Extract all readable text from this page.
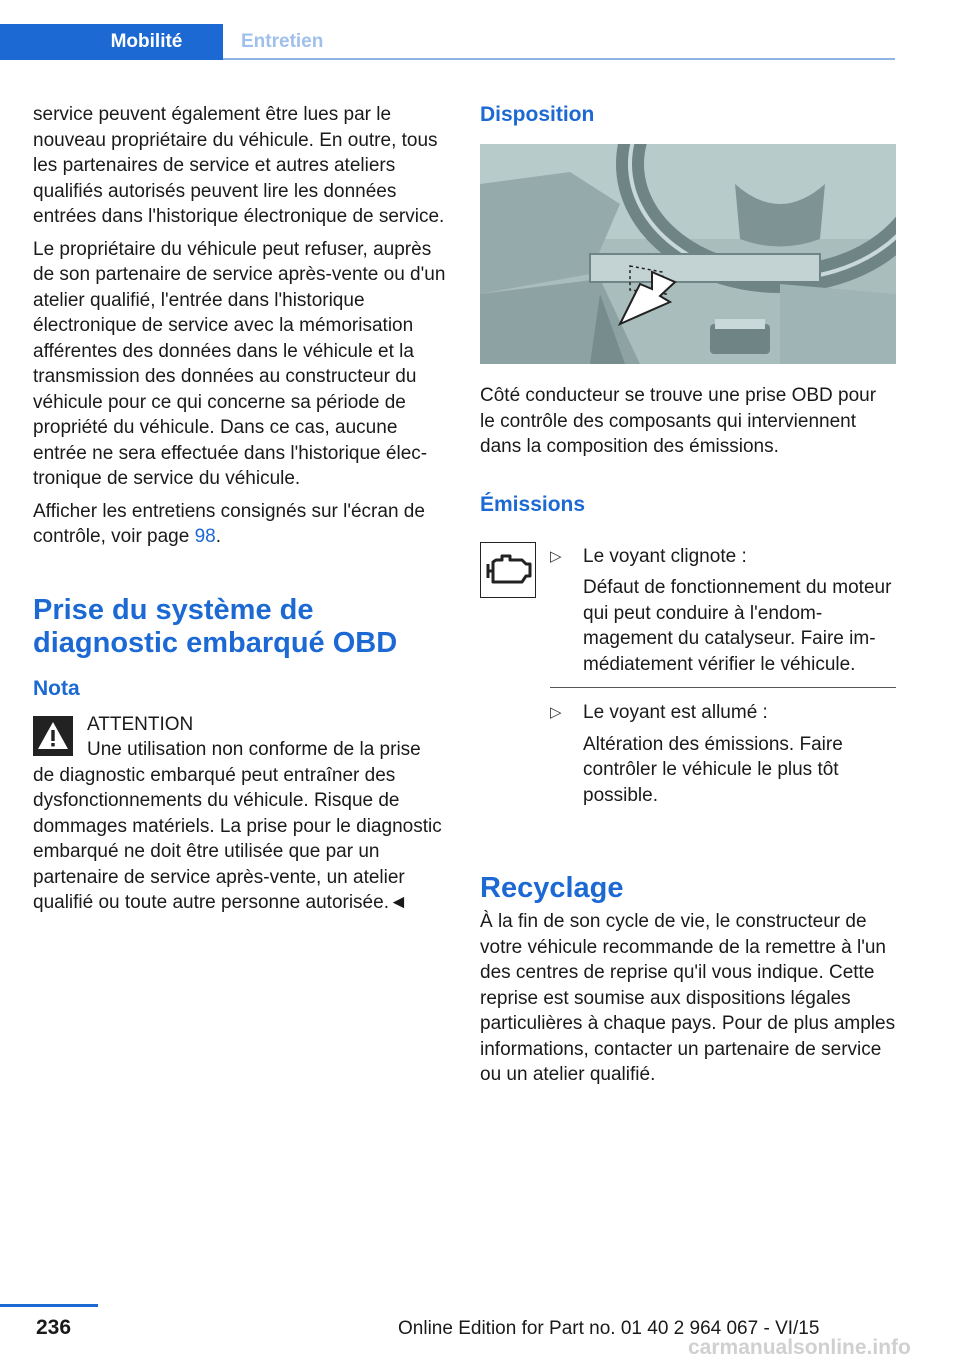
Mobilité	Entretien

service peuvent également être lues par le nouveau propriétaire du véhicule. En outre, tous les partenaires de service et autres ateliers qualifiés autorisés peuvent lire les données entrées dans l'historique électronique de service.

Le propriétaire du véhicule peut refuser, auprès de son partenaire de service après-vente ou d'un atelier qualifié, l'entrée dans l'historique électronique de service avec la mémorisation afférentes des données dans le véhicule et la transmission des données au constructeur du véhicule pour ce qui concerne sa période de propriété du véhicule. Dans ce cas, aucune entrée ne sera effectuée dans l'historique électronique de service du véhicule.

Afficher les entretiens consignés sur l'écran de contrôle, voir page 98.

Prise du système de diagnostic embarqué OBD
Nota

ATTENTION

Une utilisation non conforme de la prise

de diagnostic embarqué peut entraîner des dysfonctionnements du véhicule. Risque de dommages matériels. La prise pour le diagnostic embarqué ne doit être utilisée que par un partenaire de service après-vente, un atelier qualifié ou toute autre personne autorisée.◄

Disposition

Côté conducteur se trouve une prise OBD pour le contrôle des composants qui interviennent dans la composition des émissions.

Émissions
▷	Le voyant clignote :

Défaut de fonctionnement du moteur qui peut conduire à l'endommagement du catalyseur. Faire immédiatement vérifier le véhicule.

▷	Le voyant est allumé :

Altération des émissions. Faire contrôler le véhicule le plus tôt possible.

Recyclage

À la fin de son cycle de vie, le constructeur de votre véhicule recommande de la remettre à l'un des centres de reprise qu'il vous indique. Cette reprise est soumise aux dispositions légales particulières à chaque pays. Pour de plus amples informations, contacter un partenaire de service ou un atelier qualifié.

236	Online Edition for Part no. 01 40 2 964 067 - VI/15
carmanualsonline.info
